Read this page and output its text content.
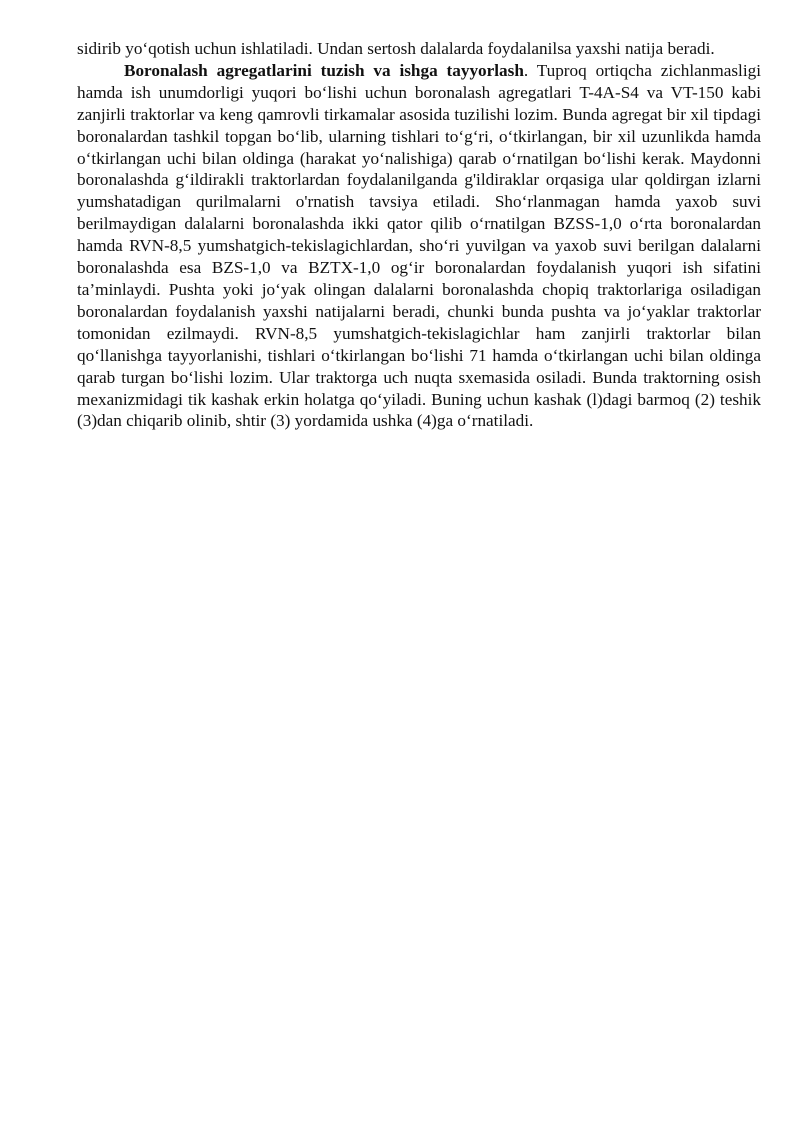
sidirib yo‘qotish uchun ishlatiladi. Undan sertosh dalalarda foydalanilsa yaxshi natija beradi.

Boronalash agregatlarini tuzish va ishga tayyorlash. Tuproq ortiqcha zichlanmasligi hamda ish unumdorligi yuqori bo‘lishi uchun boronalash agregatlari T-4A-S4 va VT-150 kabi zanjirli traktorlar va keng qamrovli tirkamalar asosida tuzilishi lozim. Bunda agregat bir xil tipdagi boronalardan tashkil topgan bo‘lib, ularning tishlari to‘g‘ri, o‘tkirlangan, bir xil uzunlikda hamda o‘tkirlangan uchi bilan oldinga (harakat yo‘nalishiga) qarab o‘rnatilgan bo‘lishi kerak. Maydonni boronalashda g‘ildirakli traktorlardan foydalanilganda g'ildiraklar orqasiga ular qoldirgan izlarni yumshatadigan qurilmalarni o'rnatish tavsiya etiladi. Sho‘rlanmagan hamda yaxob suvi berilmaydigan dalalarni boronalashda ikki qator qilib o‘rnatilgan BZSS-1,0 o‘rta boronalardan hamda RVN-8,5 yumshatgich-tekislagichlardan, sho‘ri yuvilgan va yaxob suvi berilgan dalalarni boronalashda esa BZS-1,0 va BZTX-1,0 og‘ir boronalardan foydalanish yuqori ish sifatini ta’minlaydi. Pushta yoki jo‘yak olingan dalalarni boronalashda chopiq traktorlariga osiladigan boronalardan foydalanish yaxshi natijalarni beradi, chunki bunda pushta va jo‘yaklar traktorlar tomonidan ezilmaydi. RVN-8,5 yumshatgich-tekislagichlar ham zanjirli traktorlar bilan qo‘llanishga tayyorlanishi, tishlari o‘tkirlangan bo‘lishi 71 hamda o‘tkirlangan uchi bilan oldinga qarab turgan bo‘lishi lozim. Ular traktorga uch nuqta sxemasida osiladi. Bunda traktorning osish mexanizmidagi tik kashak erkin holatga qo‘yiladi. Buning uchun kashak (l)dagi barmoq (2) teshik (3)dan chiqarib olinib, shtir (3) yordamida ushka (4)ga o‘rnatiladi.
